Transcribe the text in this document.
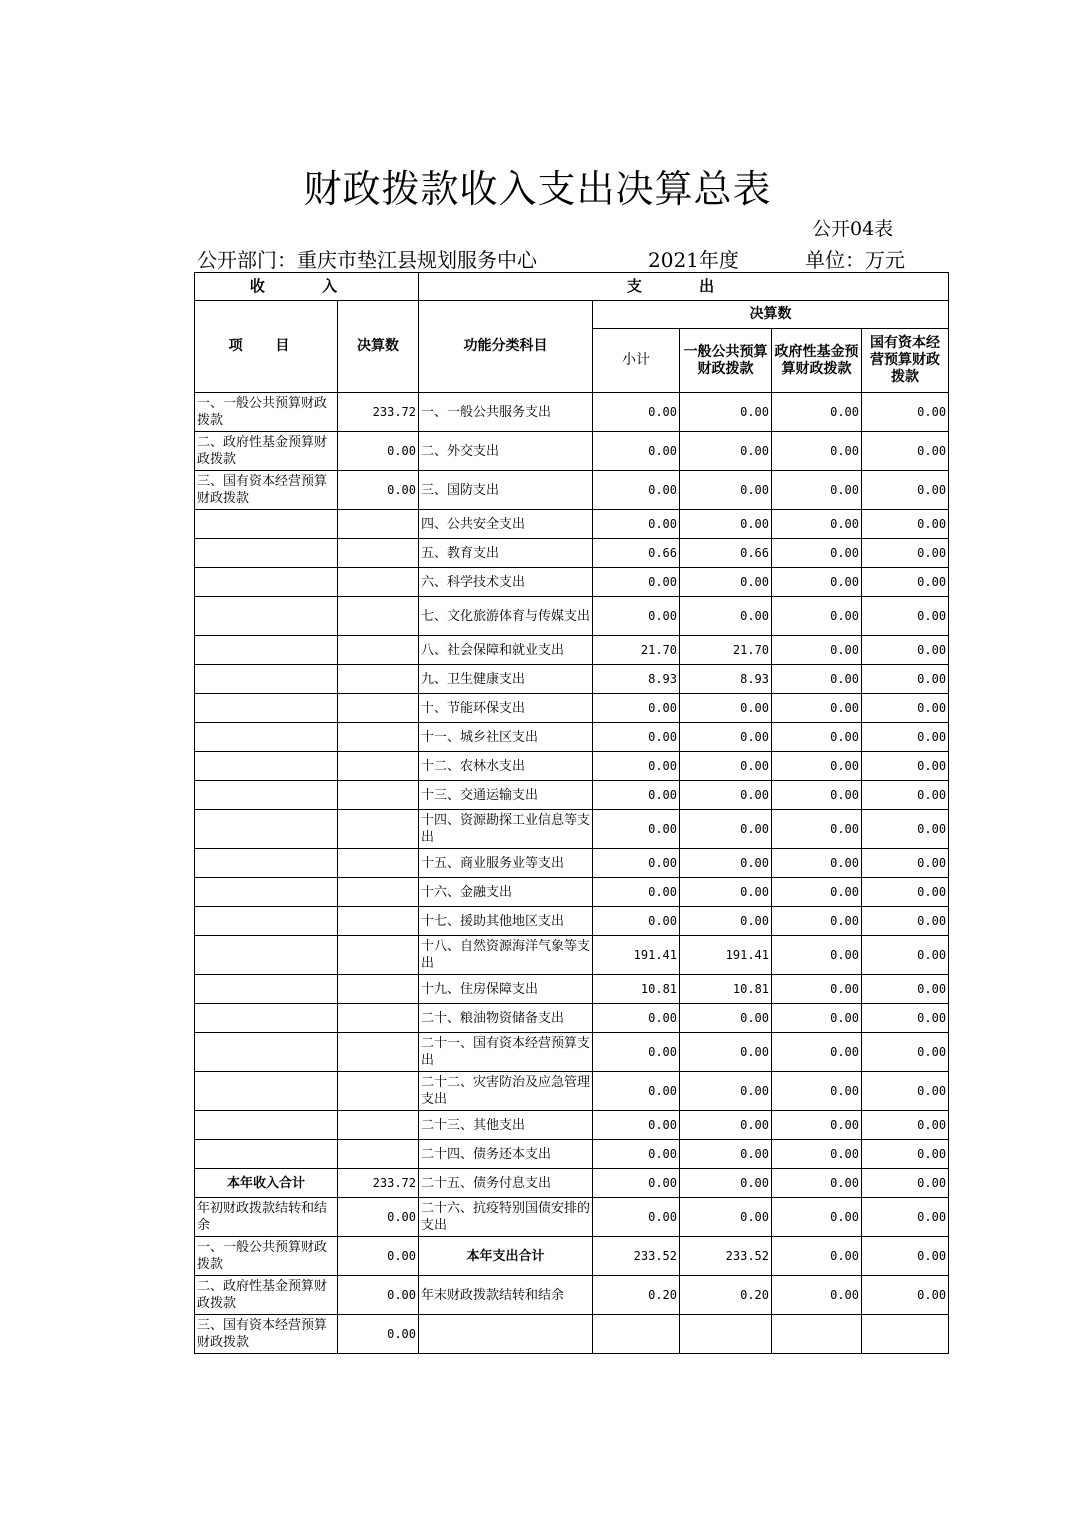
财政拨款收入支出决算总表
公开04表
公开部门：重庆市垫江县规划服务中心	2021年度	单位：万元
收 入		支 出				
项 目	决算数	功能分类科目	决算数			
			小计	一般公共预算财政拨款	政府性基金预算财政拨款	国有资本经营预算财政拨款
一、一般公共预算财政拨款	233.72	一、一般公共服务支出	0.00	0.00	0.00	0.00
二、政府性基金预算财政拨款	0.00	二、外交支出	0.00	0.00	0.00	0.00
三、国有资本经营预算财政拨款	0.00	三、国防支出	0.00	0.00	0.00	0.00
		四、公共安全支出	0.00	0.00	0.00	0.00
		五、教育支出	0.66	0.66	0.00	0.00
		六、科学技术支出	0.00	0.00	0.00	0.00
		七、文化旅游体育与传媒支出	0.00	0.00	0.00	0.00
		八、社会保障和就业支出	21.70	21.70	0.00	0.00
		九、卫生健康支出	8.93	8.93	0.00	0.00
		十、节能环保支出	0.00	0.00	0.00	0.00
		十一、城乡社区支出	0.00	0.00	0.00	0.00
		十二、农林水支出	0.00	0.00	0.00	0.00
		十三、交通运输支出	0.00	0.00	0.00	0.00
		十四、资源勘探工业信息等支出	0.00	0.00	0.00	0.00
		十五、商业服务业等支出	0.00	0.00	0.00	0.00
		十六、金融支出	0.00	0.00	0.00	0.00
		十七、援助其他地区支出	0.00	0.00	0.00	0.00
		十八、自然资源海洋气象等支出	191.41	191.41	0.00	0.00
		十九、住房保障支出	10.81	10.81	0.00	0.00
		二十、粮油物资储备支出	0.00	0.00	0.00	0.00
		二十一、国有资本经营预算支出	0.00	0.00	0.00	0.00
		二十二、灾害防治及应急管理支出	0.00	0.00	0.00	0.00
		二十三、其他支出	0.00	0.00	0.00	0.00
		二十四、债务还本支出	0.00	0.00	0.00	0.00
本年收入合计	233.72	二十五、债务付息支出	0.00	0.00	0.00	0.00
年初财政拨款结转和结余	0.00	二十六、抗疫特别国债安排的支出	0.00	0.00	0.00	0.00
一、一般公共预算财政拨款	0.00	本年支出合计	233.52	233.52	0.00	0.00
二、政府性基金预算财政拨款	0.00	年末财政拨款结转和结余	0.20	0.20	0.00	0.00
三、国有资本经营预算财政拨款	0.00					
